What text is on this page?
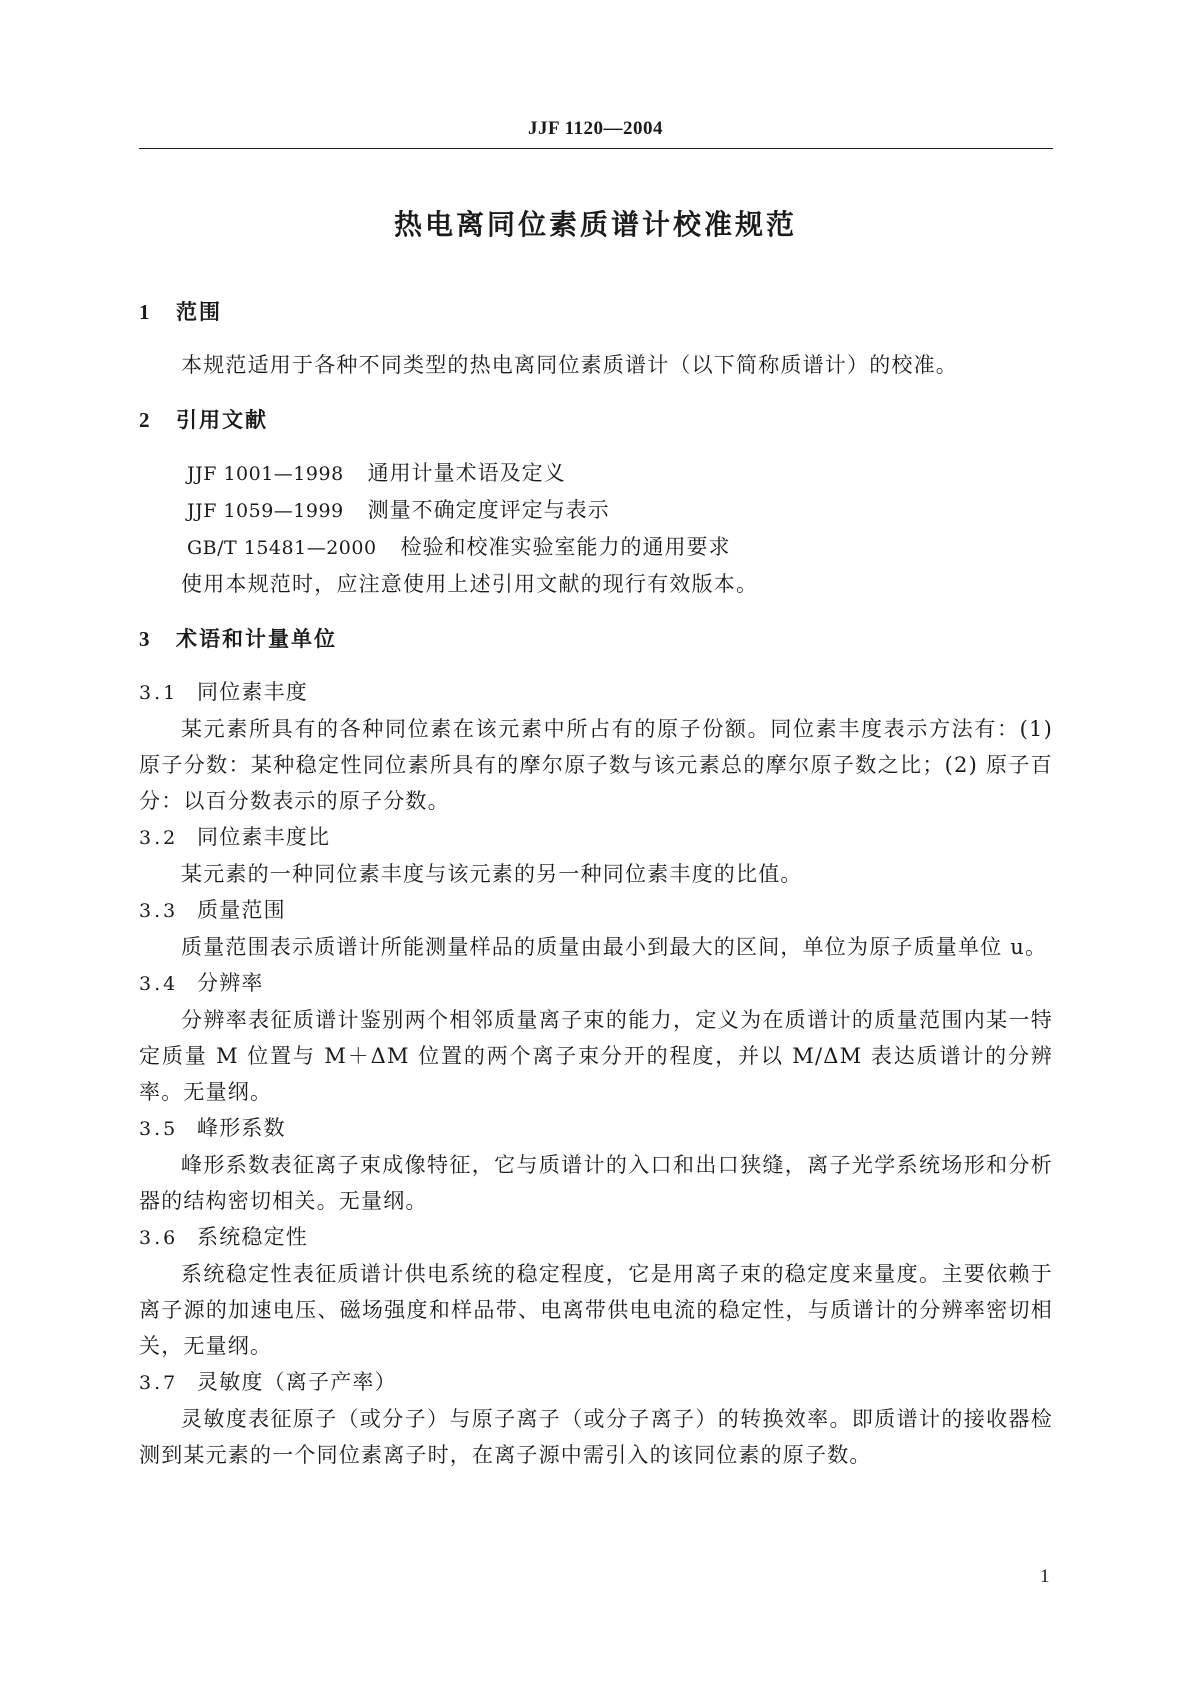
JJF 1120—2004
热电离同位素质谱计校准规范
1 范围

本规范适用于各种不同类型的热电离同位素质谱计（以下简称质谱计）的校准。

2 引用文献
JJF 1001—1998 通用计量术语及定义
JJF 1059—1999 测量不确定度评定与表示
GB/T 15481—2000 检验和校准实验室能力的通用要求

使用本规范时，应注意使用上述引用文献的现行有效版本。

3 术语和计量单位
3.1 同位素丰度

某元素所具有的各种同位素在该元素中所占有的原子份额。同位素丰度表示方法有：(1) 原子分数：某种稳定性同位素所具有的摩尔原子数与该元素总的摩尔原子数之比；(2) 原子百分：以百分数表示的原子分数。

3.2 同位素丰度比

某元素的一种同位素丰度与该元素的另一种同位素丰度的比值。

3.3 质量范围

质量范围表示质谱计所能测量样品的质量由最小到最大的区间，单位为原子质量单位 u。

3.4 分辨率

分辨率表征质谱计鉴别两个相邻质量离子束的能力，定义为在质谱计的质量范围内某一特定质量 M 位置与 M＋ΔM 位置的两个离子束分开的程度，并以 M/ΔM 表达质谱计的分辨率。无量纲。

3.5 峰形系数

峰形系数表征离子束成像特征，它与质谱计的入口和出口狭缝，离子光学系统场形和分析器的结构密切相关。无量纲。

3.6 系统稳定性

系统稳定性表征质谱计供电系统的稳定程度，它是用离子束的稳定度来量度。主要依赖于离子源的加速电压、磁场强度和样品带、电离带供电电流的稳定性，与质谱计的分辨率密切相关，无量纲。

3.7 灵敏度（离子产率）

灵敏度表征原子（或分子）与原子离子（或分子离子）的转换效率。即质谱计的接收器检测到某元素的一个同位素离子时，在离子源中需引入的该同位素的原子数。

1
